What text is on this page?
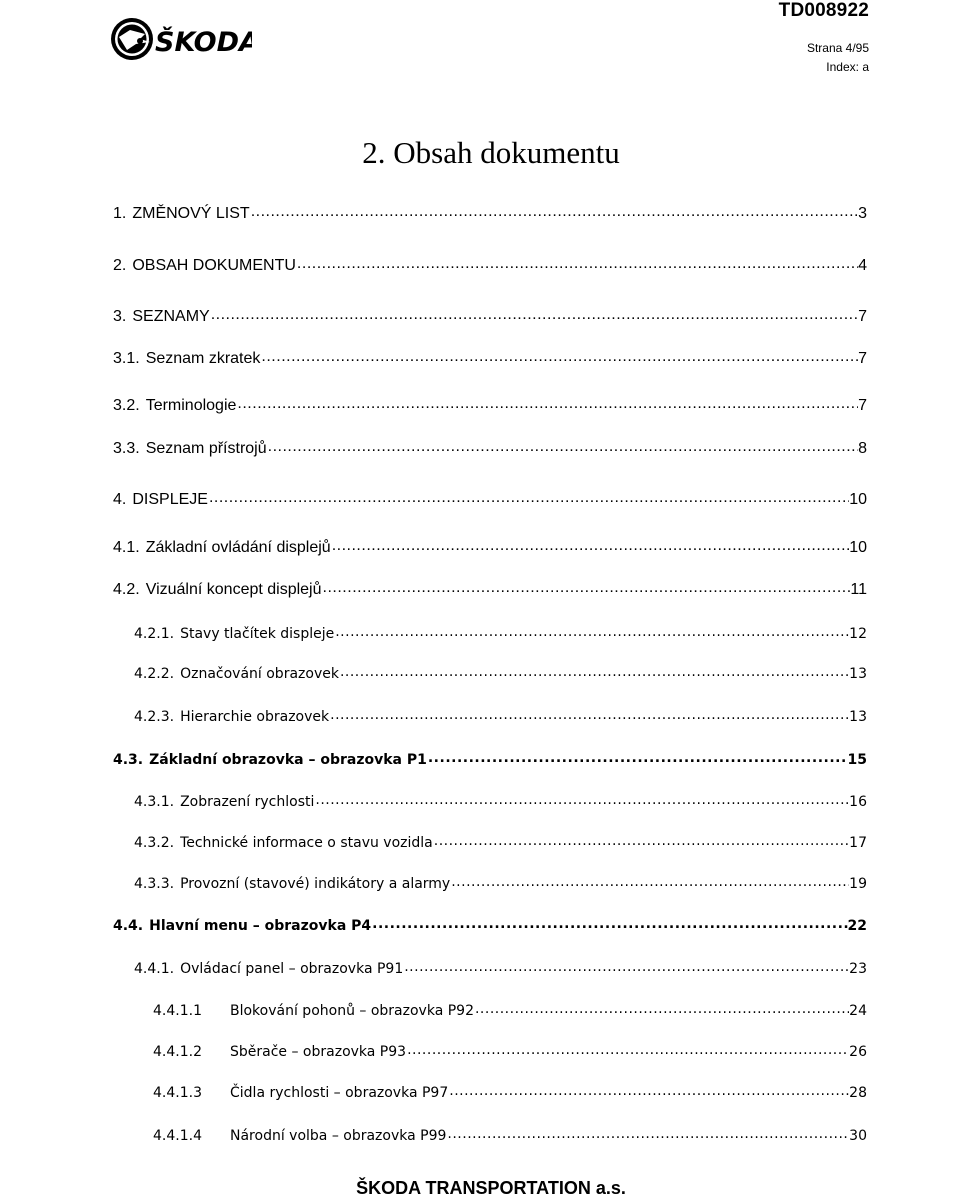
ŠKODA
TD008922
Strana 4/95
Index: a
2. Obsah dokumentu
1. ZMĚNOVÝ LIST .....	3
2. OBSAH DOKUMENTU .....	4
3. SEZNAMY .....	7
3.1. Seznam zkratek .....	7
3.2. Terminologie .....	7
3.3. Seznam přístrojů .....	8
4. DISPLEJE .....	10
4.1. Základní ovládání displejů .....	10
4.2. Vizuální koncept displejů .....	11
4.2.1. Stavy tlačítek displeje .....	12
4.2.2. Označování obrazovek .....	13
4.2.3. Hierarchie obrazovek .....	13
4.3. Základní obrazovka – obrazovka P1 .....	15
4.3.1. Zobrazení rychlosti .....	16
4.3.2. Technické informace o stavu vozidla .....	17
4.3.3. Provozní (stavové) indikátory a alarmy .....	19
4.4. Hlavní menu – obrazovka P4 .....	22
4.4.1. Ovládací panel – obrazovka P91 .....	23
4.4.1.1	Blokování pohonů – obrazovka P92 .....	24
4.4.1.2	Sběrače – obrazovka P93 .....	26
4.4.1.3	Čidla rychlosti – obrazovka P97 .....	28
4.4.1.4	Národní volba – obrazovka P99 .....	30
ŠKODA TRANSPORTATION a.s.
